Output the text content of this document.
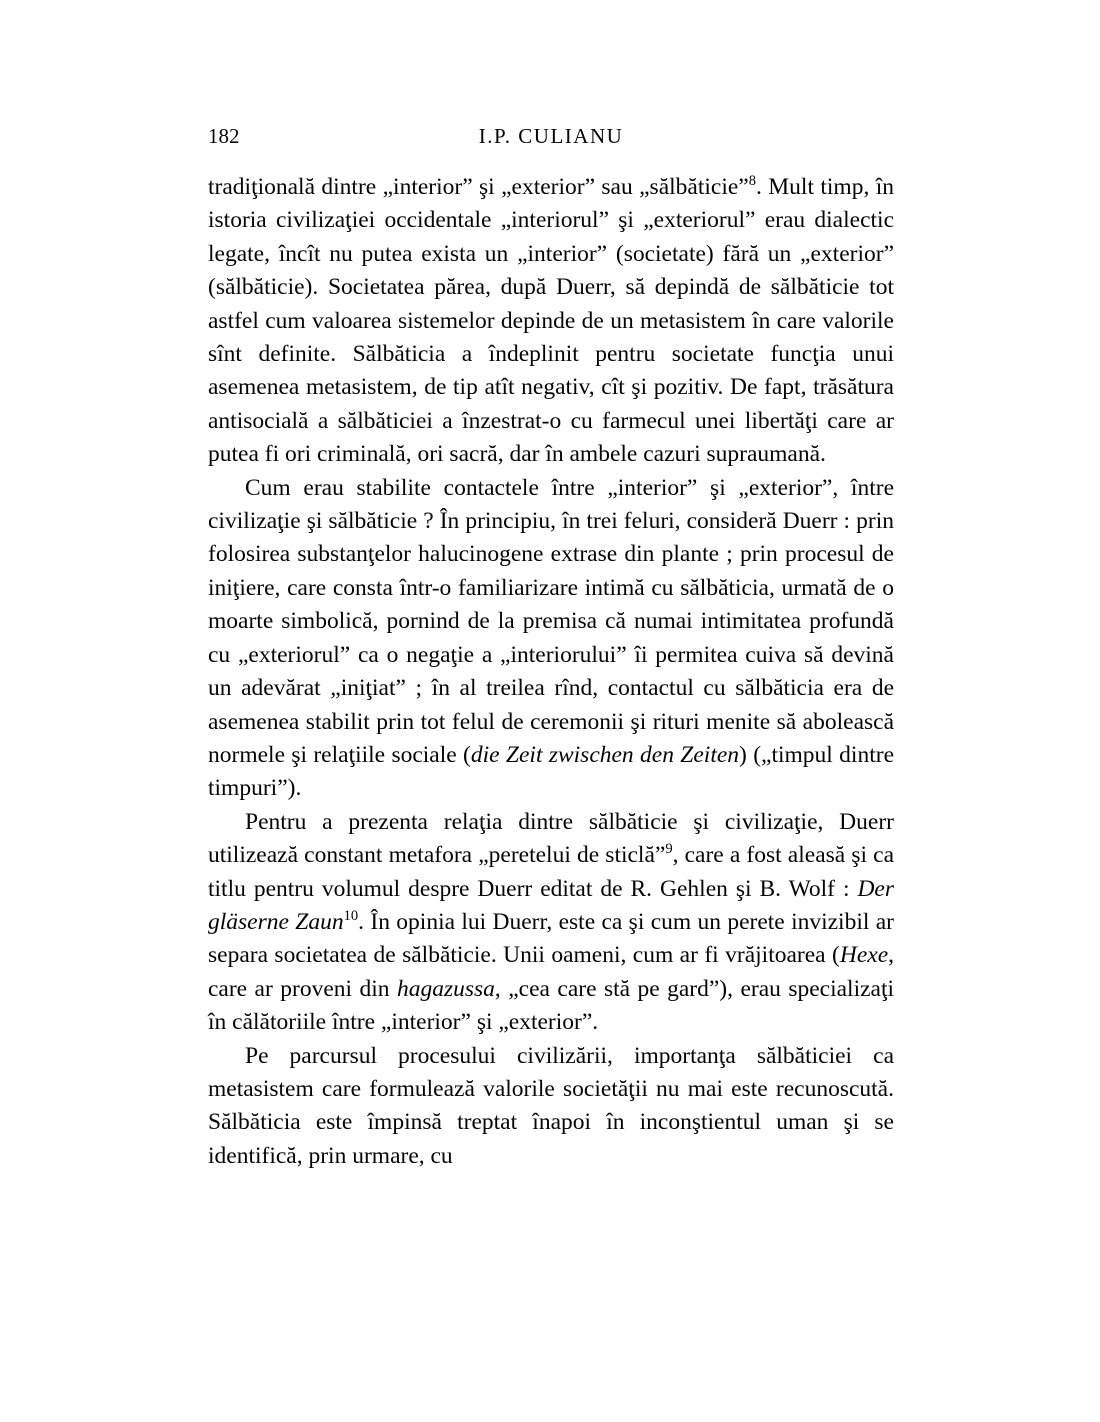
182	I.P. CULIANU

tradiţională dintre „interior” şi „exterior” sau „sălbăticie”$^8$. Mult timp, în istoria civilizaţiei occidentale „interiorul” şi „exteriorul” erau dialectic legate, încît nu putea exista un „interior” (societate) fără un „exterior” (sălbăticie). Societatea părea, după Duerr, să depindă de sălbăticie tot astfel cum valoarea sistemelor depinde de un metasistem în care valorile sînt definite. Sălbăticia a îndeplinit pentru societate funcţia unui asemenea metasistem, de tip atît negativ, cît şi pozitiv. De fapt, trăsătura antisocială a sălbăticiei a înzestrat-o cu farmecul unei libertăţi care ar putea fi ori criminală, ori sacră, dar în ambele cazuri supraumană.

Cum erau stabilite contactele între „interior” şi „exterior”, între civilizaţie şi sălbăticie ? În principiu, în trei feluri, consideră Duerr : prin folosirea substanţelor halucinogene extrase din plante ; prin procesul de iniţiere, care consta într-o familiarizare intimă cu sălbăticia, urmată de o moarte simbolică, pornind de la premisa că numai intimitatea profundă cu „exteriorul” ca o negaţie a „interiorului” îi permitea cuiva să devină un adevărat „iniţiat” ; în al treilea rînd, contactul cu sălbăticia era de asemenea stabilit prin tot felul de ceremonii şi rituri menite să abolească normele şi relaţiile sociale (die Zeit zwischen den Zeiten) („timpul dintre timpuri”).

Pentru a prezenta relaţia dintre sălbăticie şi civilizaţie, Duerr utilizează constant metafora „peretelui de sticlă”$^9$, care a fost aleasă şi ca titlu pentru volumul despre Duerr editat de R. Gehlen şi B. Wolf : Der gläserne Zaun$^{10}$. În opinia lui Duerr, este ca şi cum un perete invizibil ar separa societatea de sălbăticie. Unii oameni, cum ar fi vrăjitoarea (Hexe, care ar proveni din hagazussa, „cea care stă pe gard”), erau specializaţi în călătoriile între „interior” şi „exterior”.

Pe parcursul procesului civilizării, importanţa sălbăticiei ca metasistem care formulează valorile societăţii nu mai este recunoscută. Sălbăticia este împinsă treptat înapoi în inconştientul uman şi se identifică, prin urmare, cu
